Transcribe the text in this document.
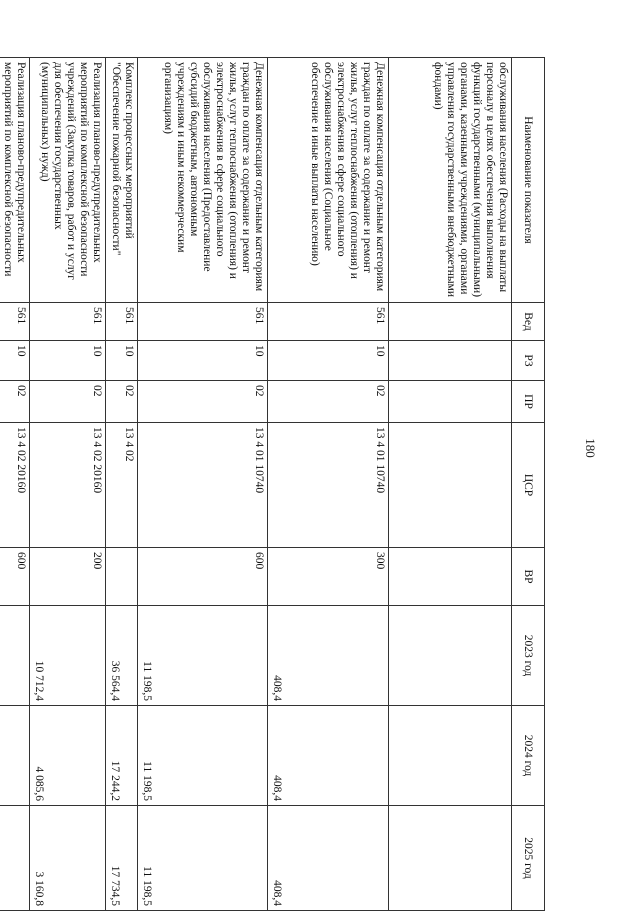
180
Наименование показателя	Вед	РЗ	ПР	ЦСР	ВР	2023 год	2024 год	2025 год
обслуживания населения (Расходы на выплаты персоналу в целях обеспечения выполнения функций государственными (муниципальными) органами, казенными учреждениями, органами управления государственными внебюджетными фондами)								
Денежная компенсация отдельным категориям граждан по оплате за содержание и ремонт жилья, услуг теплоснабжения (отопления) и электроснабжения в сфере социального обслуживания населения (Социальное обеспечение и иные выплаты населению)	561	10	02	13 4 01 10740	300	408,4	408,4	408,4
Денежная компенсация отдельным категориям граждан по оплате за содержание и ремонт жилья, услуг теплоснабжения (отопления) и электроснабжения в сфере социального обслуживания населения (Предоставление субсидий бюджетным, автономным учреждениям и иным некоммерческим организациям)	561	10	02	13 4 01 10740	600	11 198,5	11 198,5	11 198,5
Комплекс процессных мероприятий "Обеспечение пожарной безопасности"	561	10	02	13 4 02		36 564,4	17 244,2	17 734,5
Реализация планово-предупредительных мероприятий по комплексной безопасности учреждений (Закупка товаров, работ и услуг для обеспечения государственных (муниципальных) нужд)	561	10	02	13 4 02 20160	200	10 712,4	4 085,6	3 160,8
Реализация планово-предупредительных мероприятий по комплексной безопасности	561	10	02	13 4 02 20160	600			
